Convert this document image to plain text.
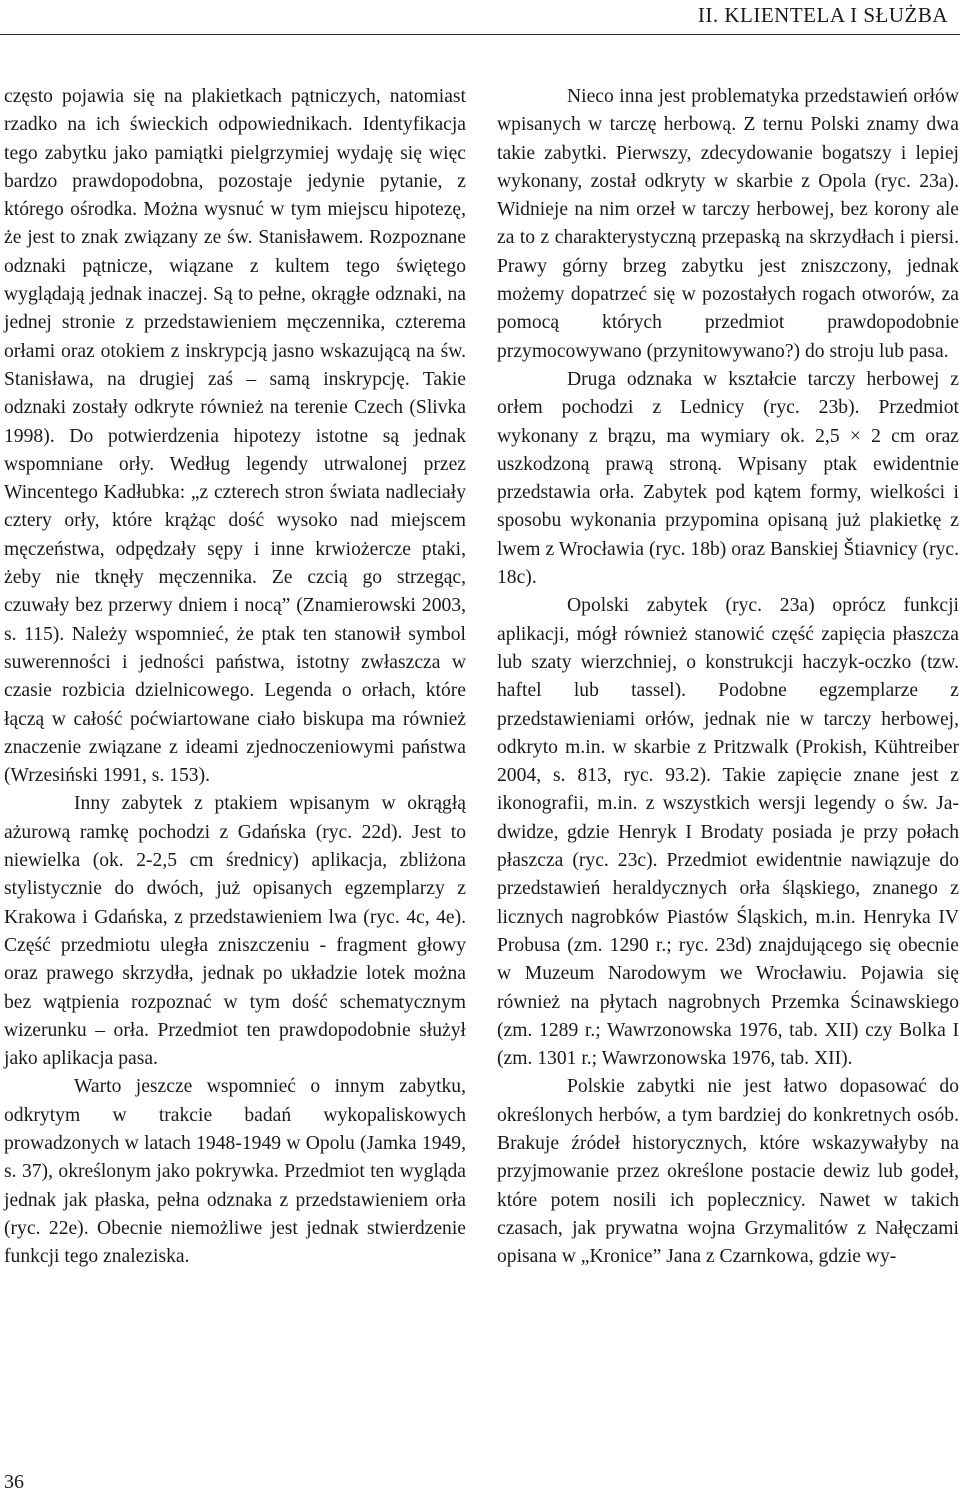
II. KLIENTELA I SŁUŻBA

często pojawia się na plakietkach pątniczych, natomiast rzadko na ich świeckich odpowiednikach. Identyfikacja tego zabytku jako pamiątki pielgrzymiej wydaję się więc bardzo prawdopodobna, pozostaje jedynie pytanie, z którego ośrodka. Można wysnuć w tym miejscu hipotezę, że jest to znak związany ze św. Stanisławem. Rozpoznane odznaki pątnicze, wiązane z kultem tego świętego wyglądają jednak inaczej. Są to pełne, okrągłe odznaki, na jednej stronie z przedstawieniem męczennika, czterema orłami oraz otokiem z inskrypcją jasno wskazującą na św. Stanisława, na drugiej zaś – samą inskrypcję. Takie odznaki zostały odkryte również na terenie Czech (Slivka 1998). Do potwierdzenia hipotezy istotne są jednak wspomniane orły. Według legendy utrwalonej przez Wincentego Kadłubka: „z czterech stron świata nadleciały cztery orły, które krążąc dość wysoko nad miejscem męczeństwa, odpędzały sępy i inne krwiożercze ptaki, żeby nie tknęły męczennika. Ze czcią go strzegąc, czuwały bez przerwy dniem i nocą” (Znamierowski 2003, s. 115). Należy wspomnieć, że ptak ten stanowił symbol suwerenności i jedności państwa, istotny zwłaszcza w czasie rozbicia dzielnicowego. Legenda o orłach, które łączą w całość poćwiartowane ciało biskupa ma również znaczenie związane z ideami zjednoczeniowymi państwa (Wrzesiński 1991, s. 153).

Inny zabytek z ptakiem wpisanym w okrągłą ażurową ramkę pochodzi z Gdańska (ryc. 22d). Jest to niewielka (ok. 2-2,5 cm średnicy) aplikacja, zbliżona stylistycznie do dwóch, już opisanych egzemplarzy z Krakowa i Gdańska, z przedstawieniem lwa (ryc. 4c, 4e). Część przedmiotu uległa zniszczeniu - fragment głowy oraz prawego skrzydła, jednak po układzie lotek można bez wątpienia rozpoznać w tym dość schematycznym wizerunku – orła. Przedmiot ten prawdopodobnie służył jako aplikacja pasa.

Warto jeszcze wspomnieć o innym zabytku, odkrytym w trakcie badań wykopaliskowych prowadzonych w latach 1948-1949 w Opolu (Jamka 1949, s. 37), określonym jako pokrywka. Przedmiot ten wygląda jednak jak płaska, pełna odznaka z przedstawieniem orła (ryc. 22e). Obecnie niemożliwe jest jednak stwierdzenie funkcji tego znaleziska.

Nieco inna jest problematyka przedstawień orłów wpisanych w tarczę herbową. Z ternu Polski znamy dwa takie zabytki. Pierwszy, zdecydowanie bogatszy i lepiej wykonany, został odkryty w skarbie z Opola (ryc. 23a). Widnieje na nim orzeł w tarczy herbowej, bez korony ale za to z charakterystyczną przepaską na skrzydłach i piersi. Prawy górny brzeg zabytku jest zniszczony, jednak możemy dopatrzeć się w pozostałych rogach otworów, za pomocą których przedmiot prawdopodobnie przymocowywano (przynitowywano?) do stroju lub pasa.

Druga odznaka w kształcie tarczy herbowej z orłem pochodzi z Lednicy (ryc. 23b). Przedmiot wykonany z brązu, ma wymiary ok. 2,5 × 2 cm oraz uszkodzoną prawą stroną. Wpisany ptak ewidentnie przedstawia orła. Zabytek pod kątem formy, wielkości i sposobu wykonania przypomina opisaną już plakietkę z lwem z Wrocławia (ryc. 18b) oraz Banskiej Štiavnicy (ryc. 18c).

Opolski zabytek (ryc. 23a) oprócz funkcji aplikacji, mógł również stanowić część zapięcia płaszcza lub szaty wierzchniej, o konstrukcji haczyk-oczko (tzw. haftel lub tassel). Podobne egzemplarze z przedstawieniami orłów, jednak nie w tarczy herbowej, odkryto m.in. w skarbie z Pritzwalk (Prokish, Kühtreiber 2004, s. 813, ryc. 93.2). Takie zapięcie znane jest z ikonografii, m.in. z wszystkich wersji legendy o św. Jadwidze, gdzie Henryk I Brodaty posiada je przy połach płaszcza (ryc. 23c). Przedmiot ewidentnie nawiązuje do przedstawień heraldycznych orła śląskiego, znanego z licznych nagrobków Piastów Śląskich, m.in. Henryka IV Probusa (zm. 1290 r.; ryc. 23d) znajdującego się obecnie w Muzeum Narodowym we Wrocławiu. Pojawia się również na płytach nagrobnych Przemka Ścinawskiego (zm. 1289 r.; Wawrzonowska 1976, tab. XII) czy Bolka I (zm. 1301 r.; Wawrzonowska 1976, tab. XII).

Polskie zabytki nie jest łatwo dopasować do określonych herbów, a tym bardziej do konkretnych osób. Brakuje źródeł historycznych, które wskazywałyby na przyjmowanie przez określone postacie dewiz lub godeł, które potem nosili ich poplecznicy. Nawet w takich czasach, jak prywatna wojna Grzymalitów z Nałęczami opisana w „Kronice” Jana z Czarnkowa, gdzie wy-

36
